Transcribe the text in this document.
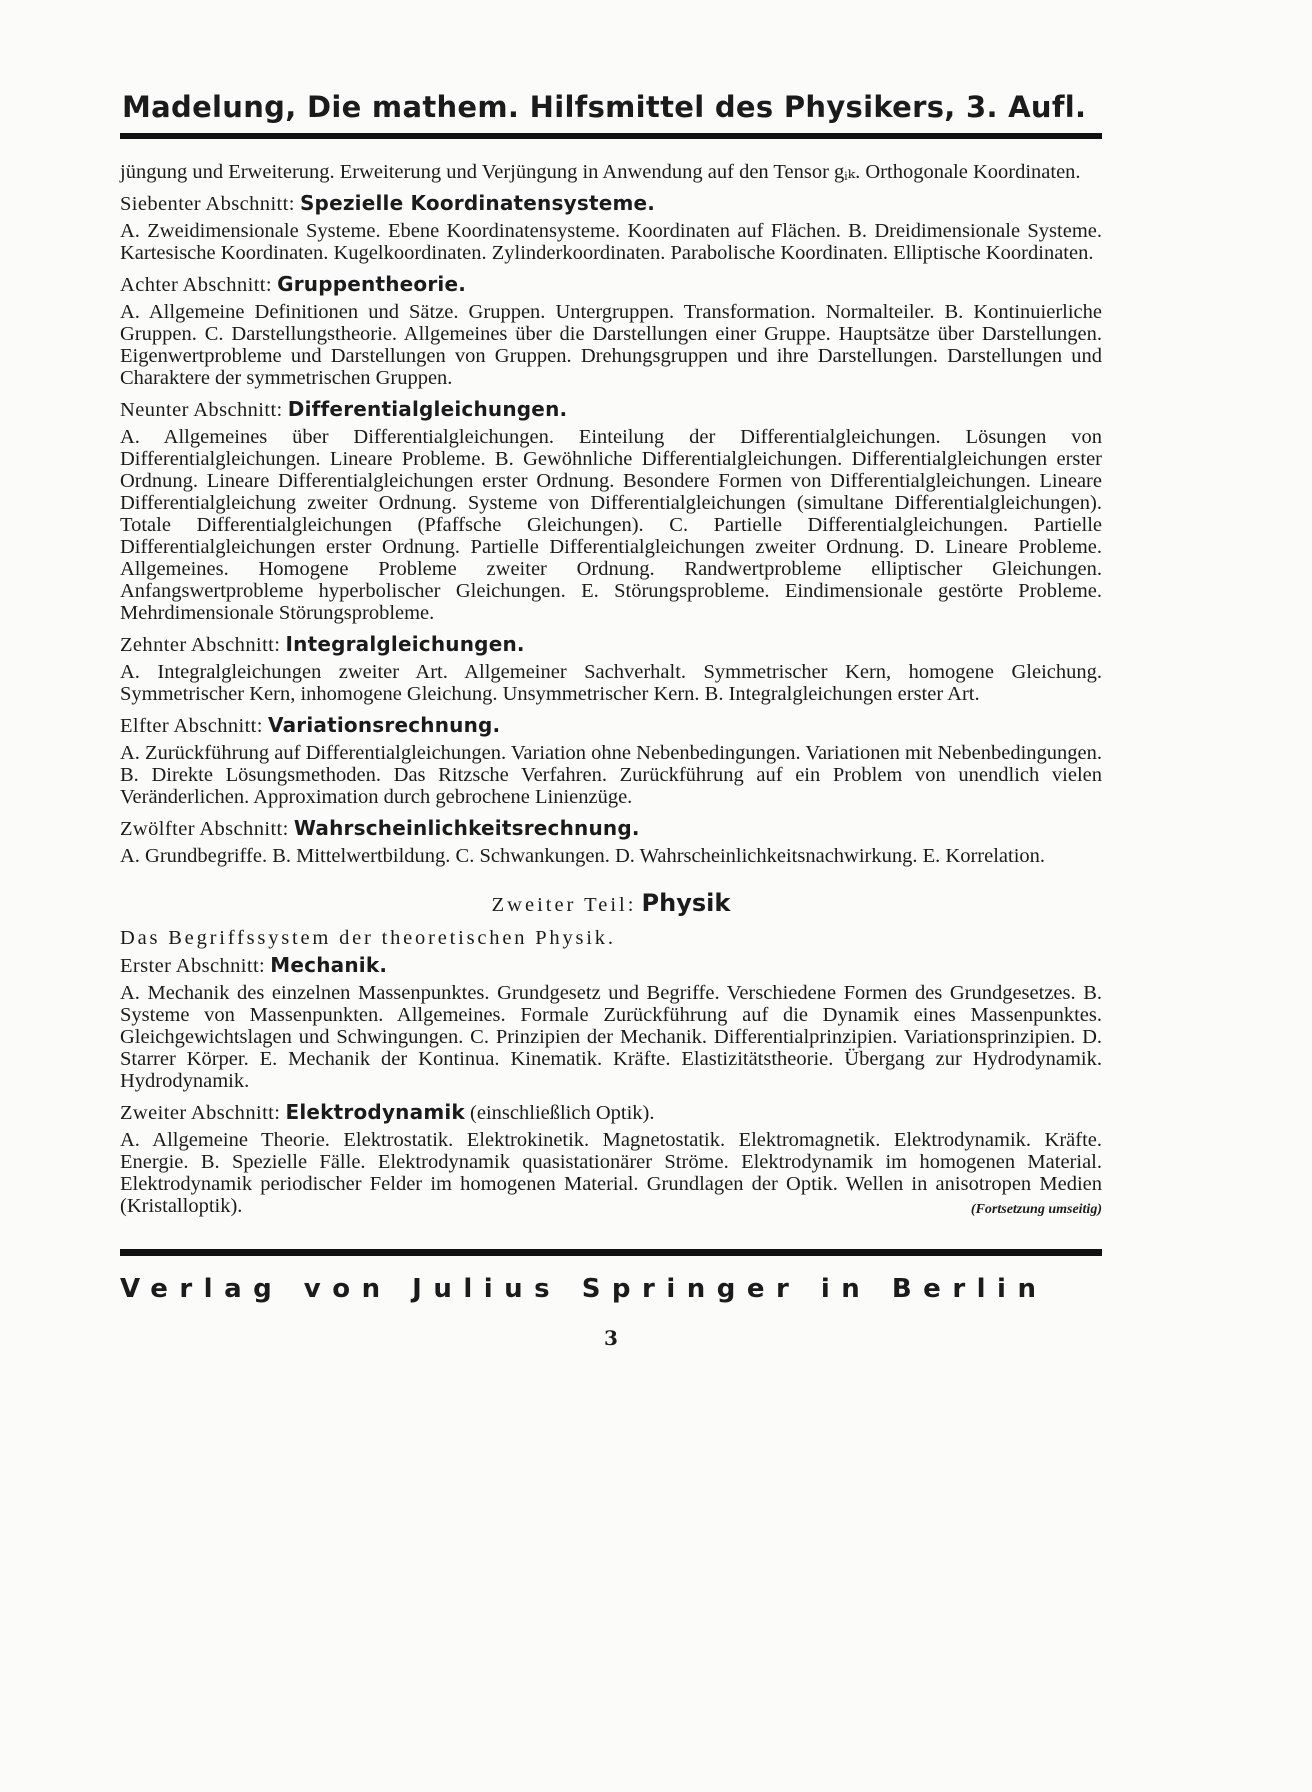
Madelung, Die mathem. Hilfsmittel des Physikers, 3. Aufl.

jüngung und Erweiterung. Erweiterung und Verjüngung in Anwendung auf den Tensor gᵢₖ. Orthogonale Koordinaten.

Siebenter Abschnitt: Spezielle Koordinatensysteme.

A. Zweidimensionale Systeme. Ebene Koordinatensysteme. Koordinaten auf Flächen. B. Dreidimensionale Systeme. Kartesische Koordinaten. Kugelkoordinaten. Zylinderkoordinaten. Parabolische Koordinaten. Elliptische Koordinaten.

Achter Abschnitt: Gruppentheorie.

A. Allgemeine Definitionen und Sätze. Gruppen. Untergruppen. Transformation. Normalteiler. B. Kontinuierliche Gruppen. C. Darstellungstheorie. Allgemeines über die Darstellungen einer Gruppe. Hauptsätze über Darstellungen. Eigenwertprobleme und Darstellungen von Gruppen. Drehungsgruppen und ihre Darstellungen. Darstellungen und Charaktere der symmetrischen Gruppen.

Neunter Abschnitt: Differentialgleichungen.

A. Allgemeines über Differentialgleichungen. Einteilung der Differentialgleichungen. Lösungen von Differentialgleichungen. Lineare Probleme. B. Gewöhnliche Differentialgleichungen. Differentialgleichungen erster Ordnung. Lineare Differentialgleichungen erster Ordnung. Besondere Formen von Differentialgleichungen. Lineare Differentialgleichung zweiter Ordnung. Systeme von Differentialgleichungen (simultane Differentialgleichungen). Totale Differentialgleichungen (Pfaffsche Gleichungen). C. Partielle Differentialgleichungen. Partielle Differentialgleichungen erster Ordnung. Partielle Differentialgleichungen zweiter Ordnung. D. Lineare Probleme. Allgemeines. Homogene Probleme zweiter Ordnung. Randwertprobleme elliptischer Gleichungen. Anfangswertprobleme hyperbolischer Gleichungen. E. Störungsprobleme. Eindimensionale gestörte Probleme. Mehrdimensionale Störungsprobleme.

Zehnter Abschnitt: Integralgleichungen.

A. Integralgleichungen zweiter Art. Allgemeiner Sachverhalt. Symmetrischer Kern, homogene Gleichung. Symmetrischer Kern, inhomogene Gleichung. Unsymmetrischer Kern. B. Integralgleichungen erster Art.

Elfter Abschnitt: Variationsrechnung.

A. Zurückführung auf Differentialgleichungen. Variation ohne Nebenbedingungen. Variationen mit Nebenbedingungen. B. Direkte Lösungsmethoden. Das Ritzsche Verfahren. Zurückführung auf ein Problem von unendlich vielen Veränderlichen. Approximation durch gebrochene Linienzüge.

Zwölfter Abschnitt: Wahrscheinlichkeitsrechnung.

A. Grundbegriffe. B. Mittelwertbildung. C. Schwankungen. D. Wahrscheinlichkeitsnachwirkung. E. Korrelation.

Zweiter Teil: Physik

Das Begriffssystem der theoretischen Physik.

Erster Abschnitt: Mechanik.

A. Mechanik des einzelnen Massenpunktes. Grundgesetz und Begriffe. Verschiedene Formen des Grundgesetzes. B. Systeme von Massenpunkten. Allgemeines. Formale Zurückführung auf die Dynamik eines Massenpunktes. Gleichgewichtslagen und Schwingungen. C. Prinzipien der Mechanik. Differentialprinzipien. Variationsprinzipien. D. Starrer Körper. E. Mechanik der Kontinua. Kinematik. Kräfte. Elastizitätstheorie. Übergang zur Hydrodynamik. Hydrodynamik.

Zweiter Abschnitt: Elektrodynamik (einschließlich Optik).

A. Allgemeine Theorie. Elektrostatik. Elektrokinetik. Magnetostatik. Elektromagnetik. Elektrodynamik. Kräfte. Energie. B. Spezielle Fälle. Elektrodynamik quasistationärer Ströme. Elektrodynamik im homogenen Material. Elektrodynamik periodischer Felder im homogenen Material. Grundlagen der Optik. Wellen in anisotropen Medien (Kristalloptik).	(Fortsetzung umseitig)

Verlag von Julius Springer in Berlin

3
